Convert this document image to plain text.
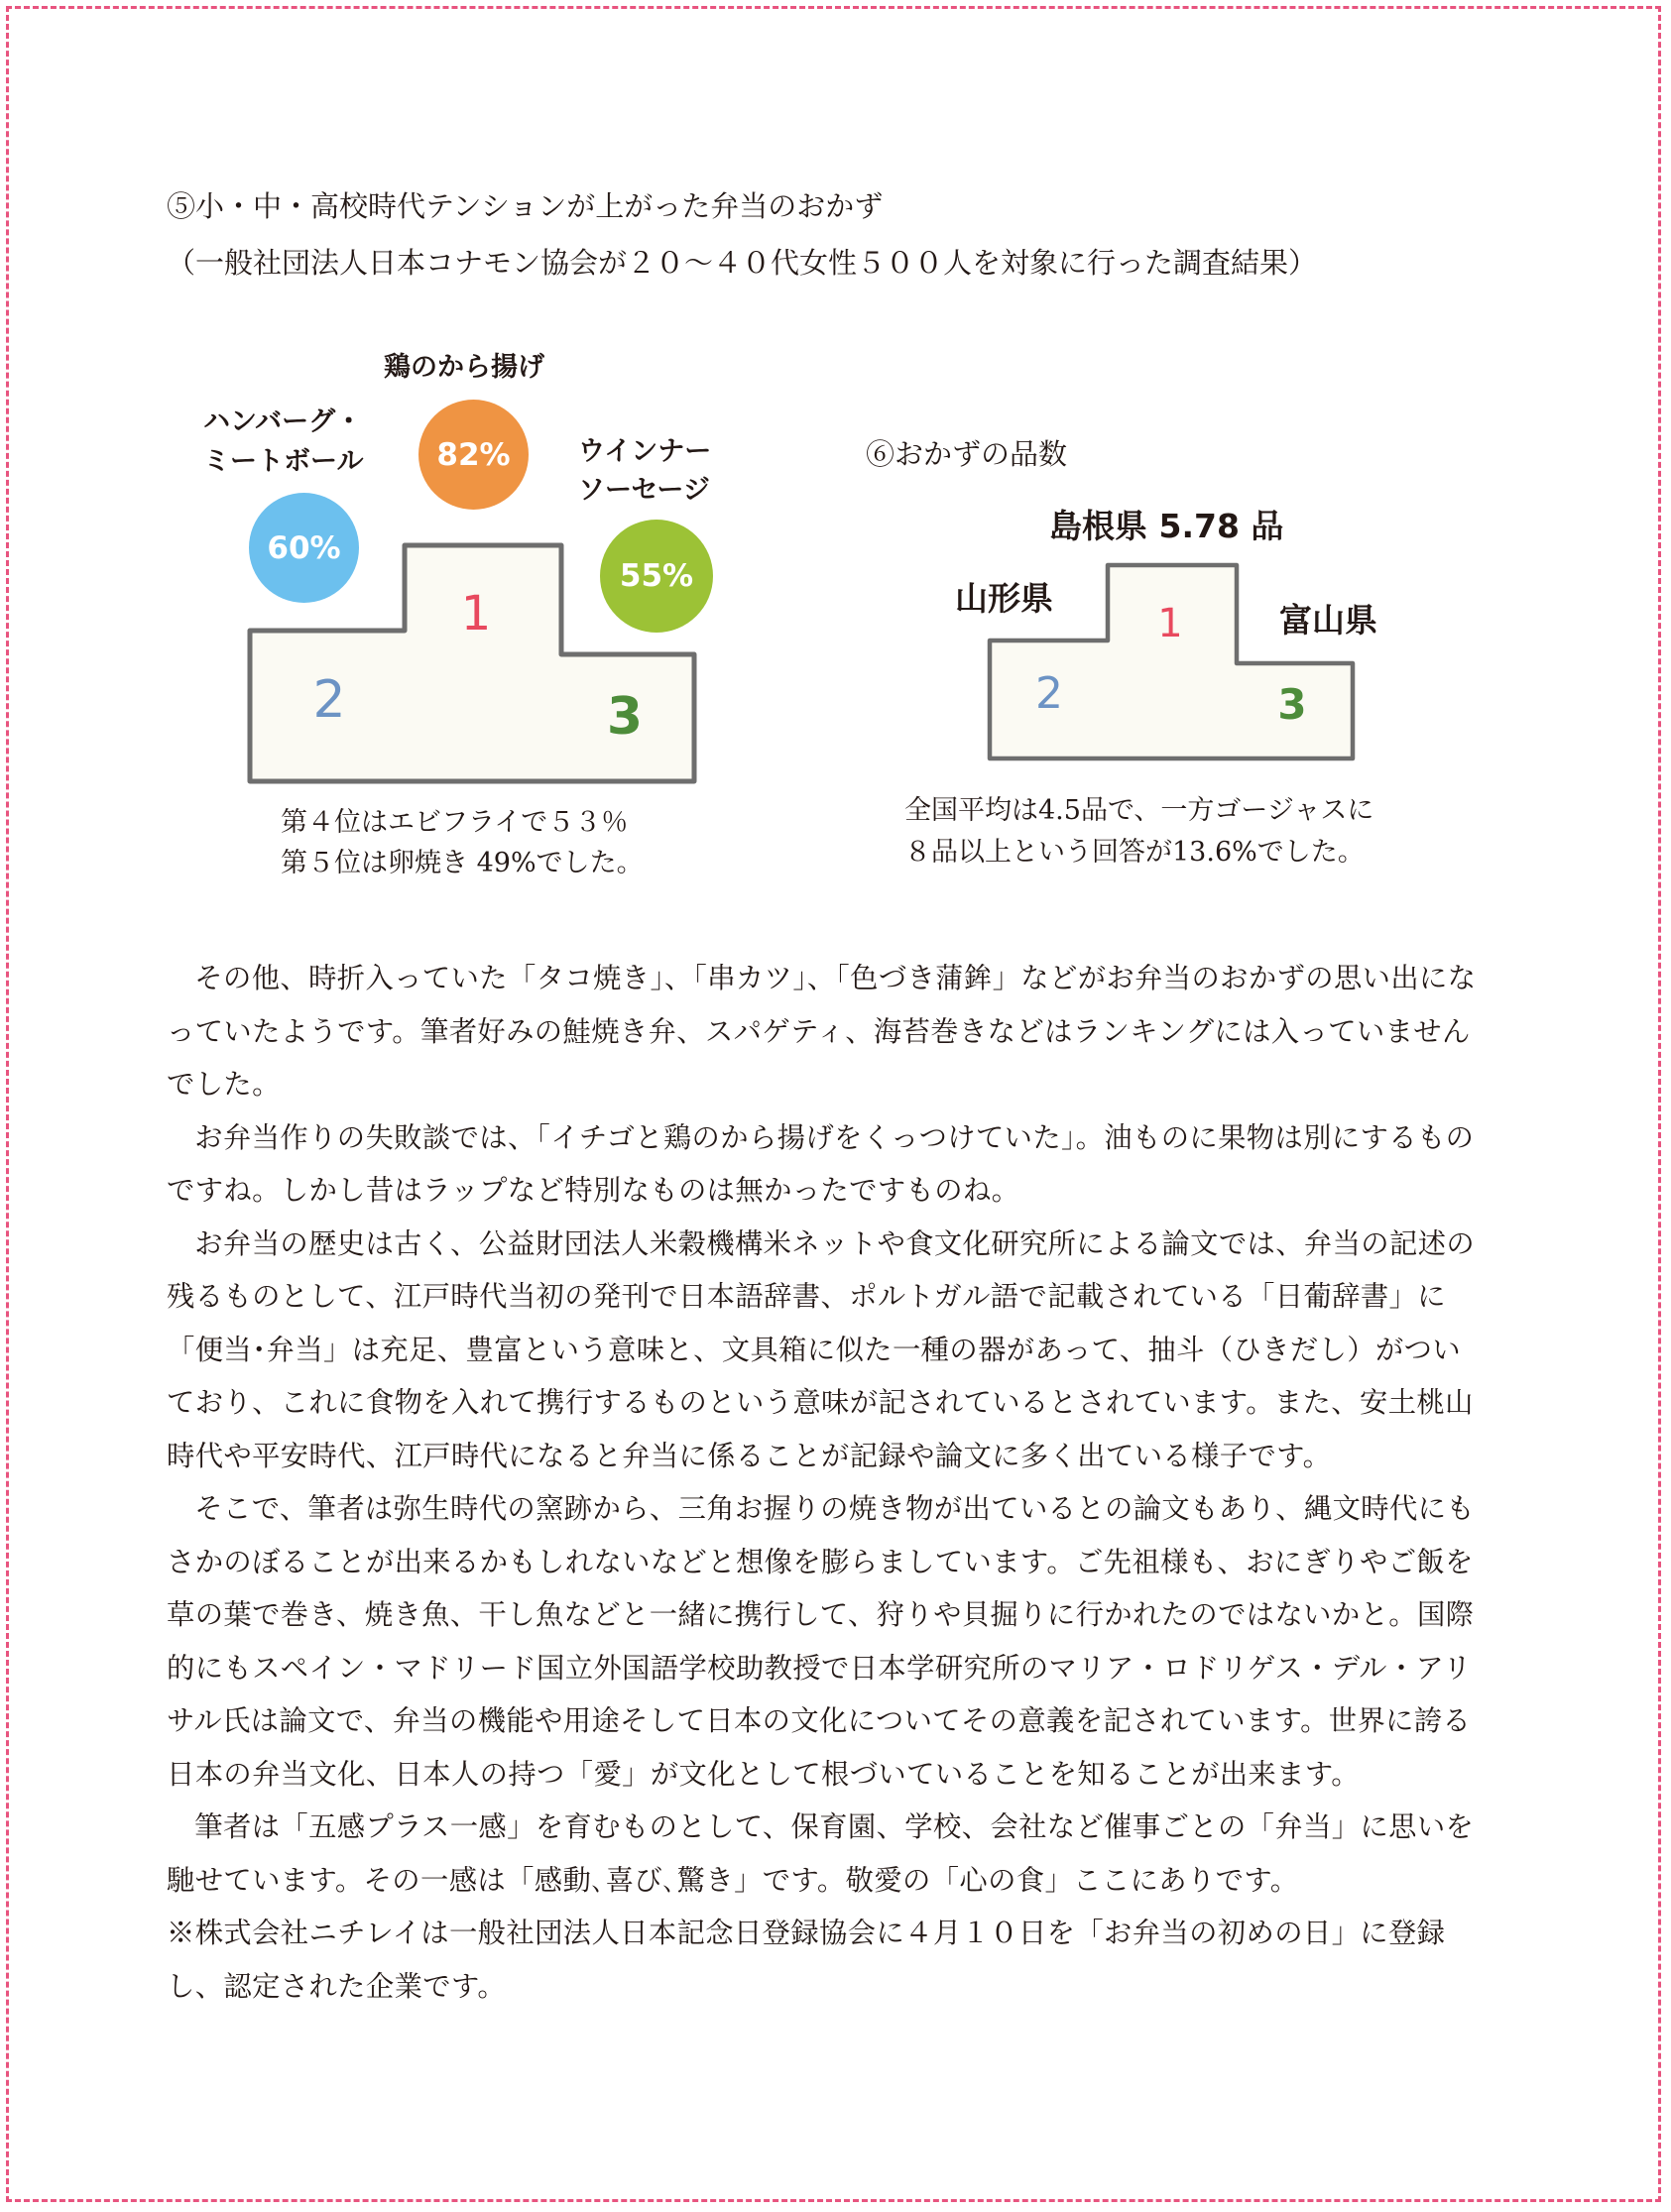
⑤小・中・高校時代テンションが上がった弁当のおかず
（一般社団法人日本コナモン協会が２０～４０代女性５００人を対象に行った調査結果）
1
2	3
鶏のから揚げ
82%
ハンバーグ・
ミートボール
60%
ウインナー
ソーセージ
55%
第４位はエビフライで５３％
第５位は卵焼き 49%でした。
⑥おかずの品数
1
2	3
島根県 5.78 品
山形県
富山県
全国平均は4.5品で、一方ゴージャスに
８品以上という回答が13.6%でした。

その他、時折入っていた「タコ焼き」、「串カツ」、「色づき蒲鉾」などがお弁当のおかずの思い出になっていたようです。筆者好みの鮭焼き弁、スパゲティ、海苔巻きなどはランキングには入っていませんでした。

お弁当作りの失敗談では、「イチゴと鶏のから揚げをくっつけていた」。油ものに果物は別にするものですね。しかし昔はラップなど特別なものは無かったですものね。

お弁当の歴史は古く、公益財団法人米穀機構米ネットや食文化研究所による論文では、弁当の記述の残るものとして、江戸時代当初の発刊で日本語辞書、ポルトガル語で記載されている「日葡辞書」に「便当･弁当」は充足、豊富という意味と、文具箱に似た一種の器があって、抽斗（ひきだし）がついており、これに食物を入れて携行するものという意味が記されているとされています。また、安土桃山時代や平安時代、江戸時代になると弁当に係ることが記録や論文に多く出ている様子です。

そこで、筆者は弥生時代の窯跡から、三角お握りの焼き物が出ているとの論文もあり、縄文時代にもさかのぼることが出来るかもしれないなどと想像を膨らましています。ご先祖様も、おにぎりやご飯を草の葉で巻き、焼き魚、干し魚などと一緒に携行して、狩りや貝掘りに行かれたのではないかと。国際的にもスペイン・マドリード国立外国語学校助教授で日本学研究所のマリア・ロドリゲス・デル・アリサル氏は論文で、弁当の機能や用途そして日本の文化についてその意義を記されています。世界に誇る日本の弁当文化、日本人の持つ「愛」が文化として根づいていることを知ることが出来ます。

筆者は「五感プラス一感」を育むものとして、保育園、学校、会社など催事ごとの「弁当」に思いを馳せています。その一感は「感動､喜び､驚き」です。敬愛の「心の食」ここにありです。

※株式会社ニチレイは一般社団法人日本記念日登録協会に４月１０日を「お弁当の初めの日」に登録し、認定された企業です。
